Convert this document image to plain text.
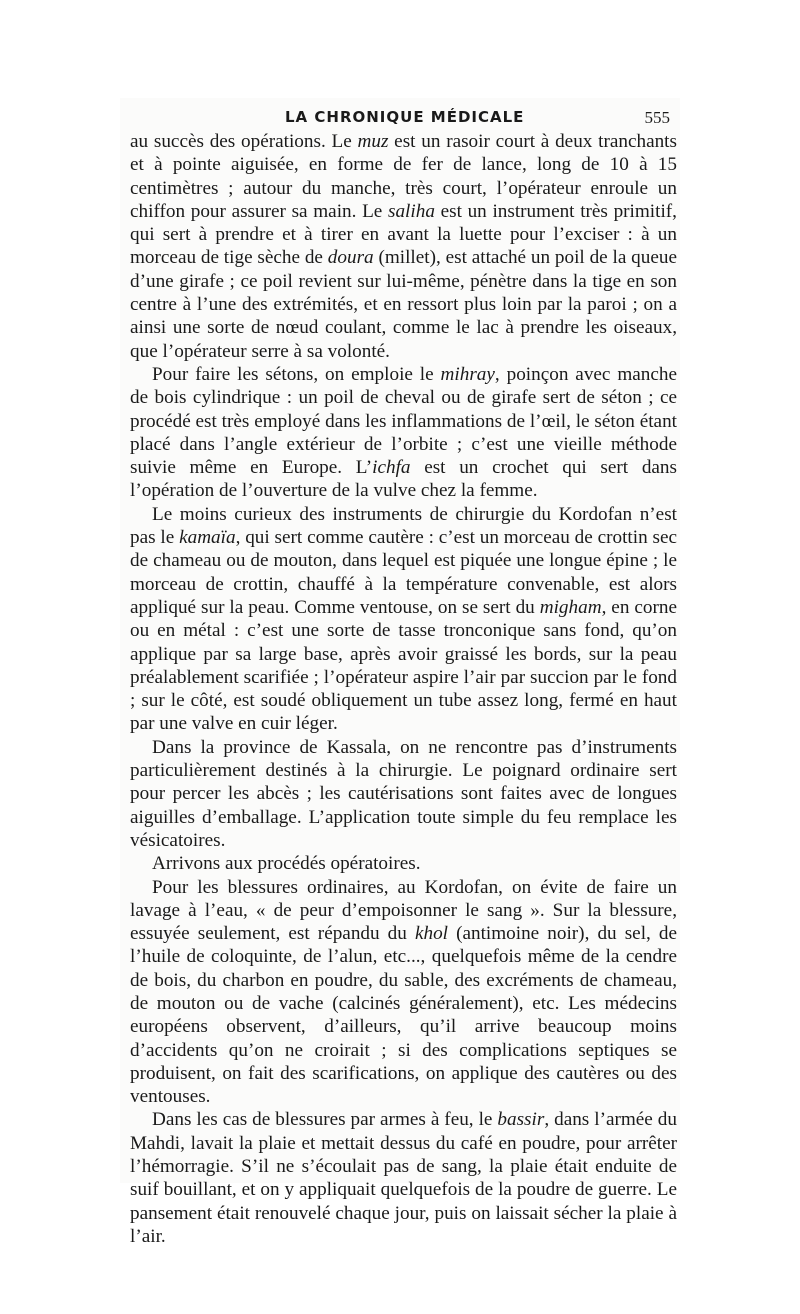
LA CHRONIQUE MÉDICALE	555

au succès des opérations. Le muz est un rasoir court à deux tranchants et à pointe aiguisée, en forme de fer de lance, long de 10 à 15 centimètres ; autour du manche, très court, l’opérateur enroule un chiffon pour assurer sa main. Le saliha est un instrument très primitif, qui sert à prendre et à tirer en avant la luette pour l’exciser : à un morceau de tige sèche de doura (millet), est attaché un poil de la queue d’une girafe ; ce poil revient sur lui-même, pénètre dans la tige en son centre à l’une des extrémités, et en ressort plus loin par la paroi ; on a ainsi une sorte de nœud coulant, comme le lac à prendre les oiseaux, que l’opérateur serre à sa volonté.

Pour faire les sétons, on emploie le mihray, poinçon avec manche de bois cylindrique : un poil de cheval ou de girafe sert de séton ; ce procédé est très employé dans les inflammations de l’œil, le séton étant placé dans l’angle extérieur de l’orbite ; c’est une vieille méthode suivie même en Europe. L’ichfa est un crochet qui sert dans l’opération de l’ouverture de la vulve chez la femme.

Le moins curieux des instruments de chirurgie du Kordofan n’est pas le kamaïa, qui sert comme cautère : c’est un morceau de crottin sec de chameau ou de mouton, dans lequel est piquée une longue épine ; le morceau de crottin, chauffé à la température convenable, est alors appliqué sur la peau. Comme ventouse, on se sert du migham, en corne ou en métal : c’est une sorte de tasse tronconique sans fond, qu’on applique par sa large base, après avoir graissé les bords, sur la peau préalablement scarifiée ; l’opérateur aspire l’air par succion par le fond ; sur le côté, est soudé obliquement un tube assez long, fermé en haut par une valve en cuir léger.

Dans la province de Kassala, on ne rencontre pas d’instruments particulièrement destinés à la chirurgie. Le poignard ordinaire sert pour percer les abcès ; les cautérisations sont faites avec de longues aiguilles d’emballage. L’application toute simple du feu remplace les vésicatoires.

Arrivons aux procédés opératoires.

Pour les blessures ordinaires, au Kordofan, on évite de faire un lavage à l’eau, « de peur d’empoisonner le sang ». Sur la blessure, essuyée seulement, est répandu du khol (antimoine noir), du sel, de l’huile de coloquinte, de l’alun, etc..., quelquefois même de la cendre de bois, du charbon en poudre, du sable, des excréments de chameau, de mouton ou de vache (calcinés généralement), etc. Les médecins européens observent, d’ailleurs, qu’il arrive beaucoup moins d’accidents qu’on ne croirait ; si des complications septiques se produisent, on fait des scarifications, on applique des cautères ou des ventouses.

Dans les cas de blessures par armes à feu, le bassir, dans l’armée du Mahdi, lavait la plaie et mettait dessus du café en poudre, pour arrêter l’hémorragie. S’il ne s’écoulait pas de sang, la plaie était enduite de suif bouillant, et on y appliquait quelquefois de la poudre de guerre. Le pansement était renouvelé chaque jour, puis on laissait sécher la plaie à l’air.
